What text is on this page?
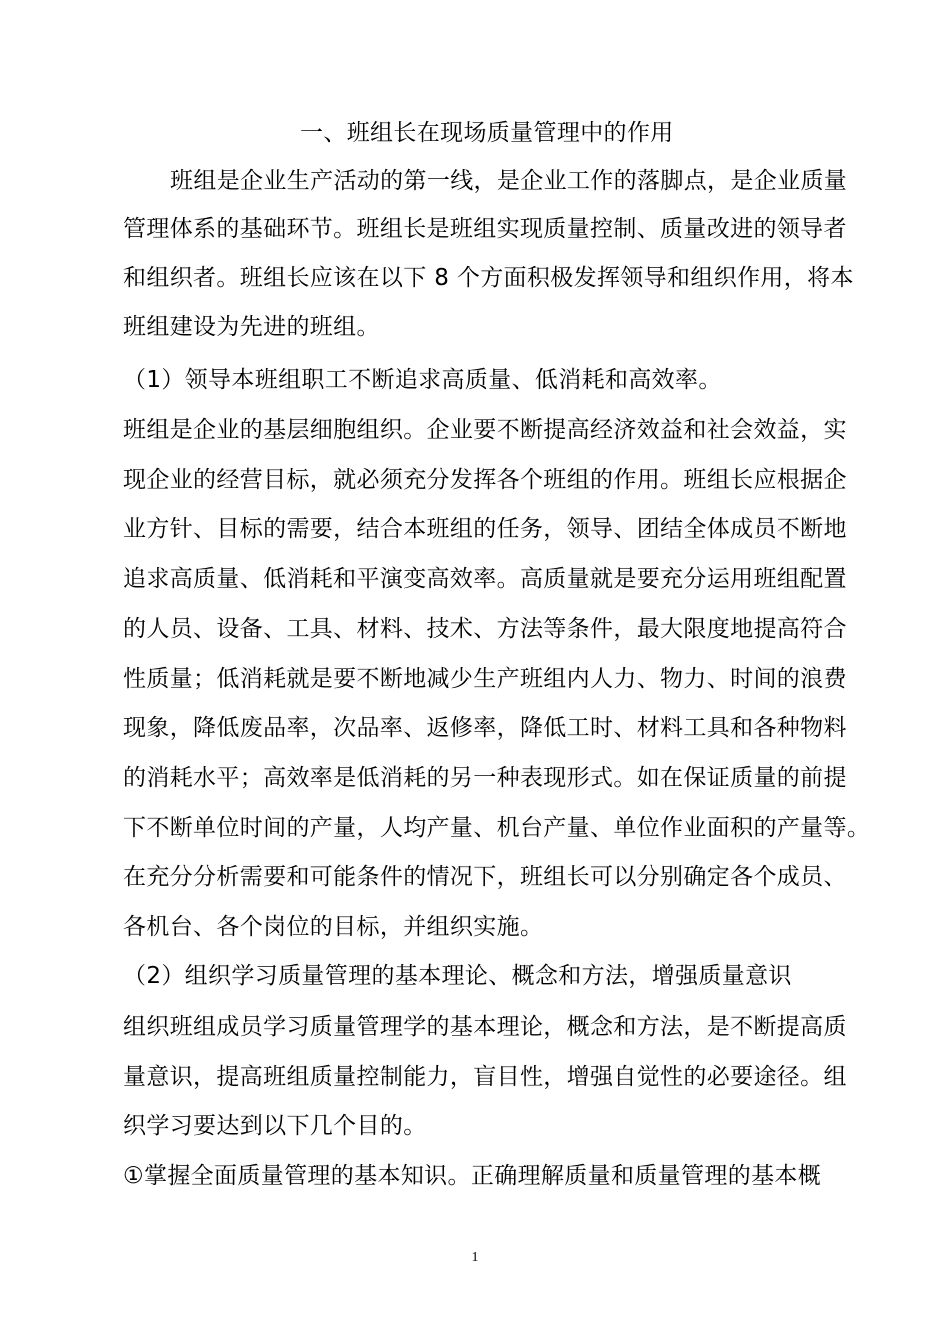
一、班组长在现场质量管理中的作用
班组是企业生产活动的第一线，是企业工作的落脚点，是企业质量
管理体系的基础环节。班组长是班组实现质量控制、质量改进的领导者
和组织者。班组长应该在以下 8 个方面积极发挥领导和组织作用，将本
班组建设为先进的班组。
（1）领导本班组职工不断追求高质量、低消耗和高效率。
班组是企业的基层细胞组织。企业要不断提高经济效益和社会效益，实
现企业的经营目标，就必须充分发挥各个班组的作用。班组长应根据企
业方针、目标的需要，结合本班组的任务，领导、团结全体成员不断地
追求高质量、低消耗和平演变高效率。高质量就是要充分运用班组配置
的人员、设备、工具、材料、技术、方法等条件，最大限度地提高符合
性质量；低消耗就是要不断地减少生产班组内人力、物力、时间的浪费
现象，降低废品率，次品率、返修率，降低工时、材料工具和各种物料
的消耗水平；高效率是低消耗的另一种表现形式。如在保证质量的前提
下不断单位时间的产量，人均产量、机台产量、单位作业面积的产量等。
在充分分析需要和可能条件的情况下，班组长可以分别确定各个成员、
各机台、各个岗位的目标，并组织实施。
（2）组织学习质量管理的基本理论、概念和方法，增强质量意识
组织班组成员学习质量管理学的基本理论，概念和方法，是不断提高质
量意识，提高班组质量控制能力，盲目性，增强自觉性的必要途径。组
织学习要达到以下几个目的。
①掌握全面质量管理的基本知识。正确理解质量和质量管理的基本概
1
